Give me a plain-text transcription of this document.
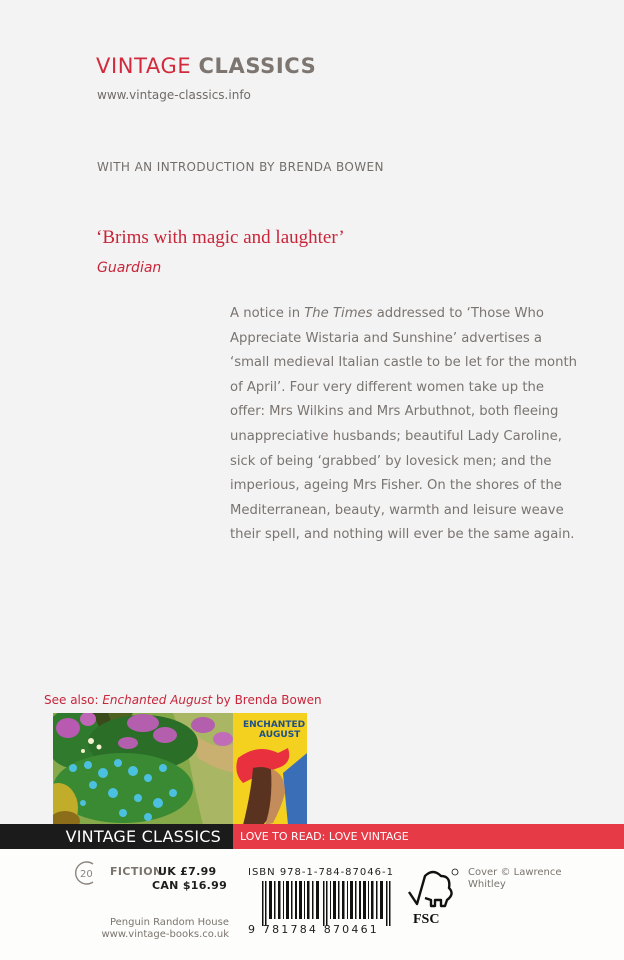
VINTAGE CLASSICS
www.vintage-classics.info
WITH AN INTRODUCTION BY BRENDA BOWEN
‘Brims with magic and laughter’
Guardian

A notice in The Times addressed to ‘Those Who

Appreciate Wistaria and Sunshine’ advertises a

‘small medieval Italian castle to be let for the month

of April’. Four very different women take up the

offer: Mrs Wilkins and Mrs Arbuthnot, both fleeing

unappreciative husbands; beautiful Lady Caroline,

sick of being ‘grabbed’ by lovesick men; and the

imperious, ageing Mrs Fisher. On the shores of the

Mediterranean, beauty, warmth and leisure weave

their spell, and nothing will ever be the same again.

See also: Enchanted August by Brenda Bowen
ENCHANTED
AUGUST
VINTAGE CLASSICS LOVE TO READ: LOVE VINTAGE
20 FICTION
UK £7.99
CAN $16.99
Penguin Random House
www.vintage-books.co.uk
ISBN 978-1-784-87046-1
9 781784 870461
FSC
Cover © Lawrence Whitley
